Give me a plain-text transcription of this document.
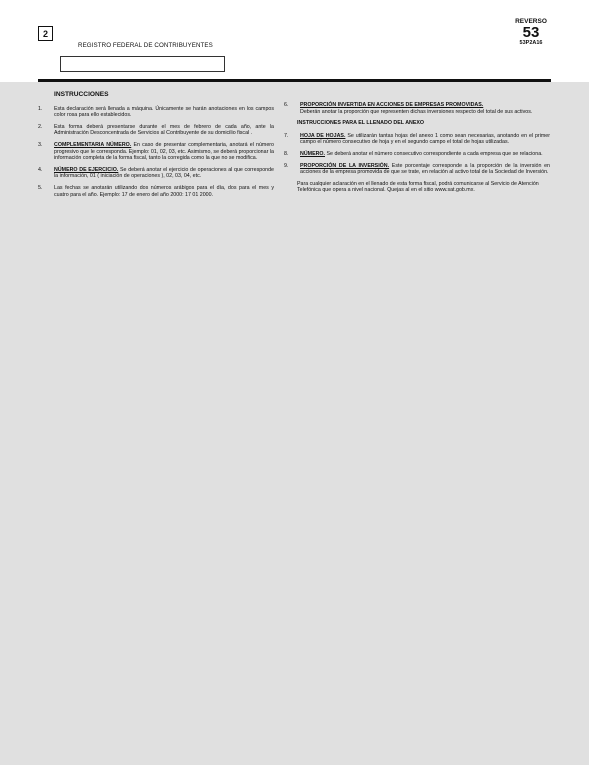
2
REGISTRO FEDERAL DE CONTRIBUYENTES
REVERSO
53
53P2A16
INSTRUCCIONES
1.	Esta declaración será llenada a máquina. Únicamente se harán anotaciones en los campos color rosa para ello establecidos.
2.	Esta forma deberá presentarse durante el mes de febrero de cada año, ante la Administración Desconcentrada de Servicios al Contribuyente de su domicilio fiscal .
3.	COMPLEMENTARIA NÚMERO. En caso de presentar complementaria, anotará el número progresivo que le corresponda. Ejemplo: 01, 02, 03, etc. Asimismo, se deberá proporcionar la información completa de la forma fiscal, tanto la corregida como la que no se modifica.
4.	NÚMERO DE EJERCICIO. Se deberá anotar el ejercicio de operaciones al que corresponde la información, 01 ( iniciación de operaciones ), 02, 03, 04, etc.
5.	Las fechas se anotarán utilizando dos números arábigos para el día, dos para el mes y cuatro para el año. Ejemplo: 17 de enero del año 2000: 17 01 2000.
6.	PROPORCIÓN INVERTIDA EN ACCIONES DE EMPRESAS PROMOVIDAS.
Deberán anotar la proporción que representen dichas inversiones respecto del total de sus activos.
INSTRUCCIONES PARA EL LLENADO DEL ANEXO
7.	HOJA DE HOJAS. Se utilizarán tantas hojas del anexo 1 como sean necesarias, anotando en el primer campo el número consecutivo de hoja y en el segundo campo el total de hojas utilizadas.
8.	NÚMERO. Se deberá anotar el número consecutivo correspondiente a cada empresa que se relaciona.
9.	PROPORCIÓN DE LA INVERSIÓN. Este porcentaje corresponde a la proporción de la inversión en acciones de la empresa promovida de que se trate, en relación al activo total de la Sociedad de Inversión.
Para cualquier aclaración en el llenado de esta forma fiscal, podrá comunicarse al Servicio de Atención Telefónica que opera a nivel nacional. Quejas al en el sitio www.sat.gob.mx.
